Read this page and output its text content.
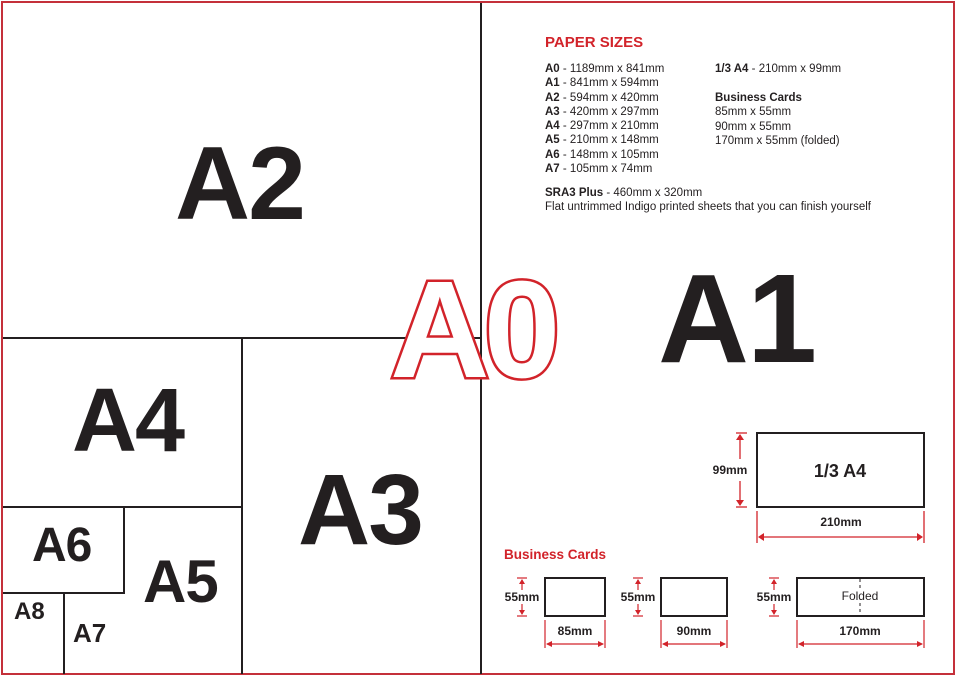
A2
A1
A4
A3
A6
A5
A8
A7
A0
PAPER SIZES
A0 - 1189mm x 841mm
A1 - 841mm x 594mm
A2 - 594mm x 420mm
A3 - 420mm x 297mm
A4 - 297mm x 210mm
A5 - 210mm x 148mm
A6 - 148mm x 105mm
A7 - 105mm x 74mm
1/3 A4 - 210mm x 99mm
Business Cards
85mm x 55mm
90mm x 55mm
170mm x 55mm (folded)
SRA3 Plus - 460mm x 320mm
Flat untrimmed Indigo printed sheets that you can finish yourself
1/3 A4
99mm
210mm
Business Cards
55mm
85mm
55mm
90mm
Folded
55mm
170mm
